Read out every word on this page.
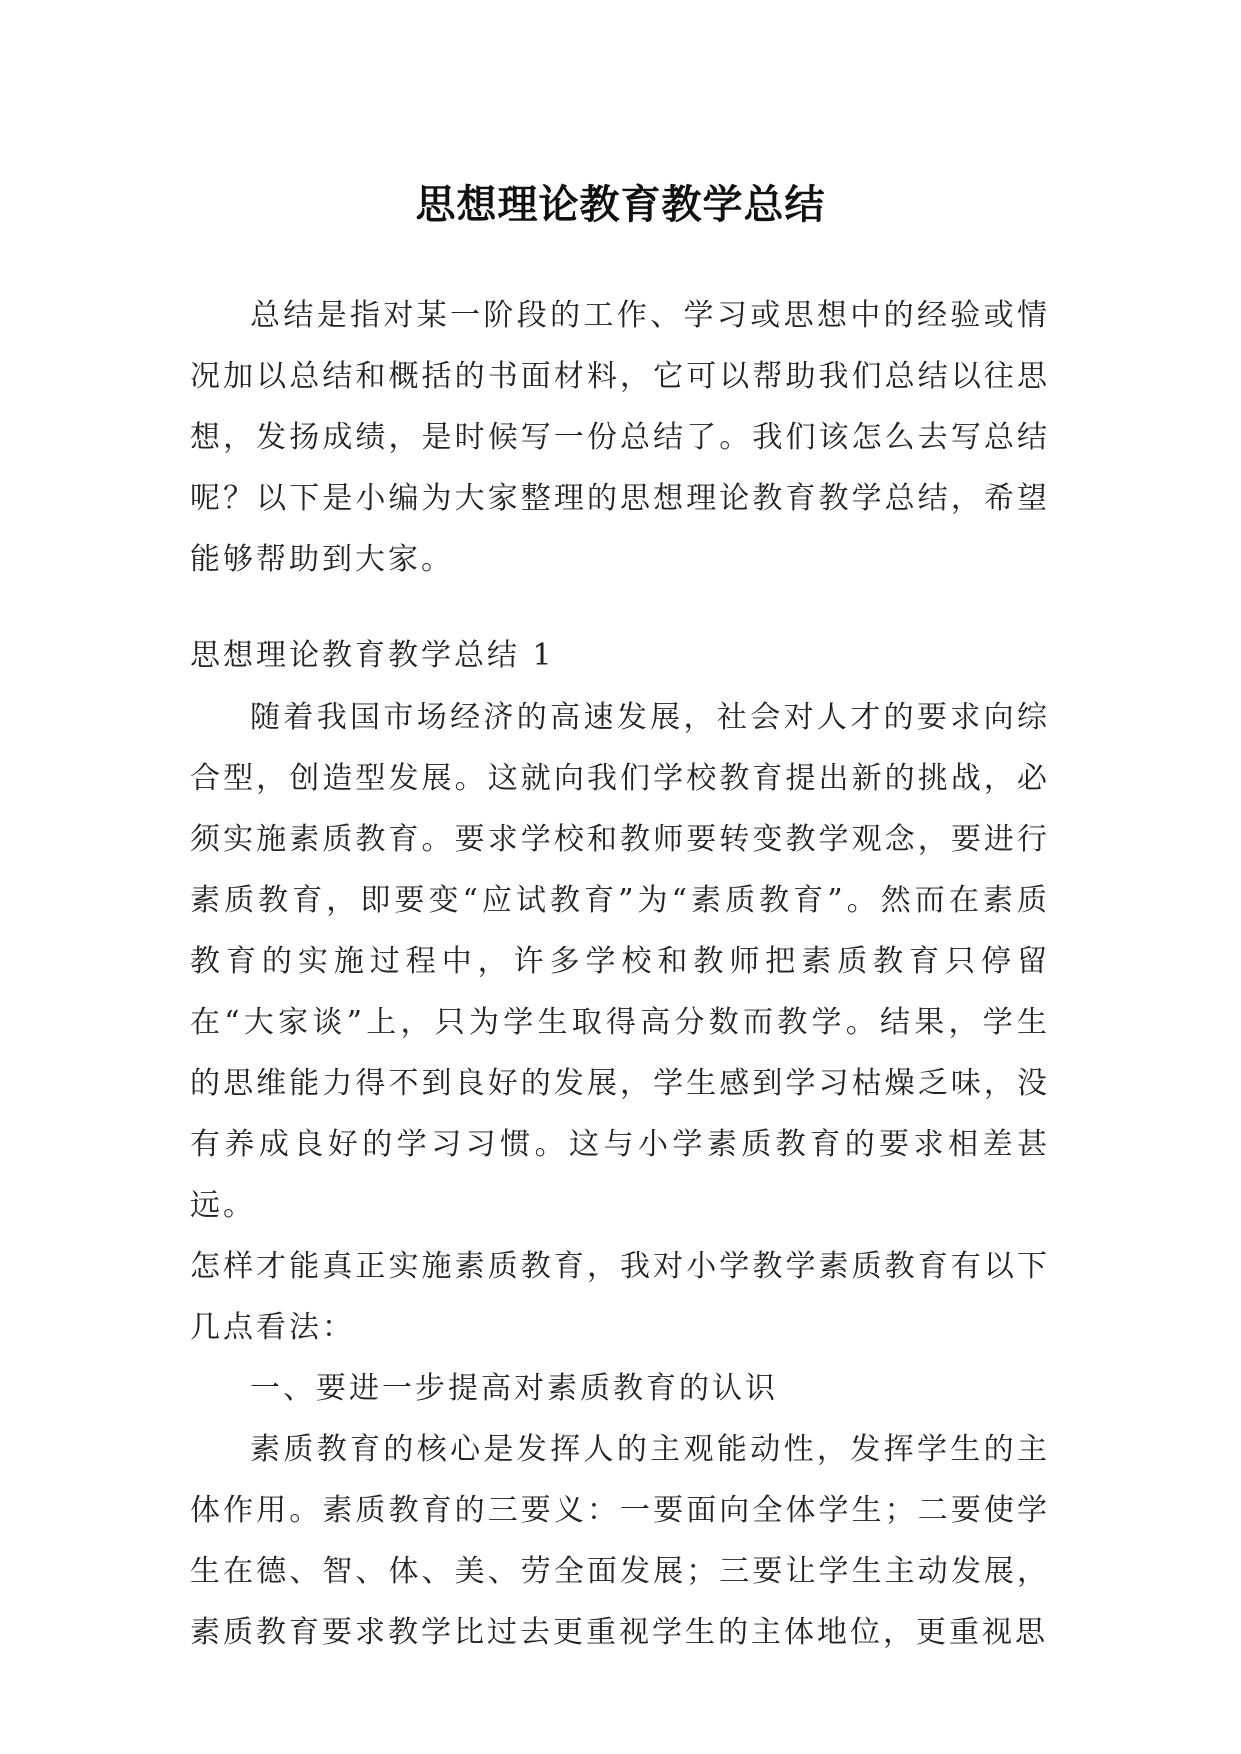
思想理论教育教学总结

总结是指对某一阶段的工作、学习或思想中的经验或情况加以总结和概括的书面材料，它可以帮助我们总结以往思想，发扬成绩，是时候写一份总结了。我们该怎么去写总结呢？以下是小编为大家整理的思想理论教育教学总结，希望能够帮助到大家。

思想理论教育教学总结 1

随着我国市场经济的高速发展，社会对人才的要求向综合型，创造型发展。这就向我们学校教育提出新的挑战，必须实施素质教育。要求学校和教师要转变教学观念，要进行素质教育，即要变“应试教育”为“素质教育”。然而在素质教育的实施过程中，许多学校和教师把素质教育只停留在“大家谈”上，只为学生取得高分数而教学。结果，学生的思维能力得不到良好的发展，学生感到学习枯燥乏味，没有养成良好的学习习惯。这与小学素质教育的要求相差甚远。

怎样才能真正实施素质教育，我对小学教学素质教育有以下几点看法：

一、要进一步提高对素质教育的认识

素质教育的核心是发挥人的主观能动性，发挥学生的主体作用。素质教育的三要义：一要面向全体学生；二要使学生在德、智、体、美、劳全面发展；三要让学生主动发展，素质教育要求教学比过去更重视学生的主体地位，更重视思
